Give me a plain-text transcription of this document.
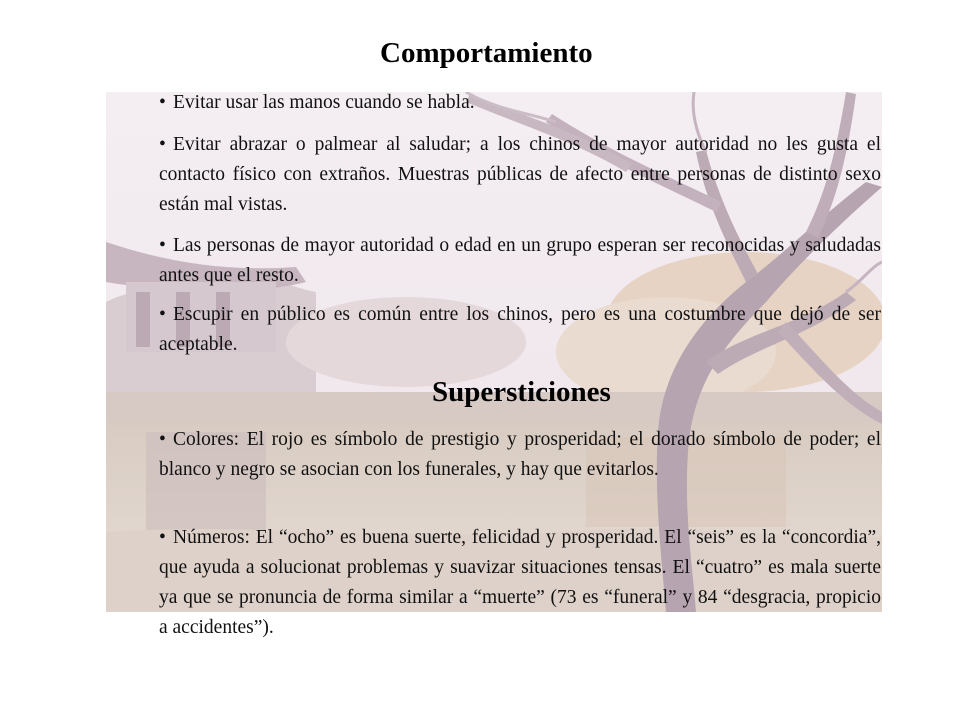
Comportamiento

• Evitar usar las manos cuando se habla.

• Evitar abrazar o palmear al saludar; a los chinos de mayor autoridad no les gusta el contacto físico con extraños. Muestras públicas de afecto entre personas de distinto sexo están mal vistas.

• Las personas de mayor autoridad o edad en un grupo esperan ser reconocidas y saludadas antes que el resto.

• Escupir en público es común entre los chinos, pero es una costumbre que dejó de ser aceptable.

Supersticiones

• Colores: El rojo es símbolo de prestigio y prosperidad; el dorado símbolo de poder; el blanco y negro se asocian con los funerales, y hay que evitarlos.

• Números: El “ocho” es buena suerte, felicidad y prosperidad. El “seis” es la “concordia”, que ayuda a solucionat problemas y suavizar situaciones tensas. El “cuatro” es mala suerte ya que se pronuncia de forma similar a “muerte” (73 es “funeral” y 84 “desgracia, propicio a accidentes”).
